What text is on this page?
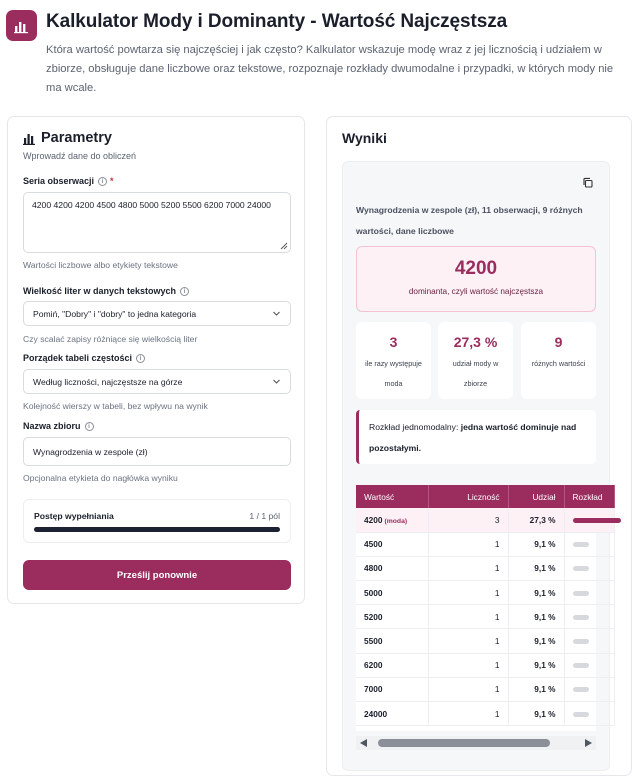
Kalkulator Mody i Dominanty - Wartość Najczęstsza
Która wartość powtarza się najczęściej i jak często? Kalkulator wskazuje modę wraz z jej licznością i udziałem w zbiorze, obsługuje dane liczbowe oraz tekstowe, rozpoznaje rozkłady dwumodalne i przypadki, w których mody nie ma wcale.
Parametry
Wprowadź dane do obliczeń
Seria obserwacji	i *
4200 4200 4200 4500 4800 5000 5200 5500 6200 7000 24000
Wartości liczbowe albo etykiety tekstowe
Wielkość liter w danych tekstowych	i
Pomiń, "Dobry" i "dobry" to jedna kategoria
Czy scalać zapisy różniące się wielkością liter
Porządek tabeli częstości	i
Według liczności, najczęstsze na górze
Kolejność wierszy w tabeli, bez wpływu na wynik
Nazwa zbioru	i
Wynagrodzenia w zespole (zł)
Opcjonalna etykieta do nagłówka wyniku
Postęp wypełniania	1 / 1 pól
Prześlij ponownie
Wyniki
Wynagrodzenia w zespole (zł), 11 obserwacji, 9 różnych wartości, dane liczbowe
4200
dominanta, czyli wartość najczęstsza
3
ile razy występuje moda
27,3 %
udział mody w zbiorze
9
różnych wartości
Rozkład jednomodalny: jedna wartość dominuje nad pozostałymi.
Wartość	Liczność	Udział	Rozkład
4200 (moda)	3	27,3 %	
4500	1	9,1 %	
4800	1	9,1 %	
5000	1	9,1 %	
5200	1	9,1 %	
5500	1	9,1 %	
6200	1	9,1 %	
7000	1	9,1 %	
24000	1	9,1 %	
